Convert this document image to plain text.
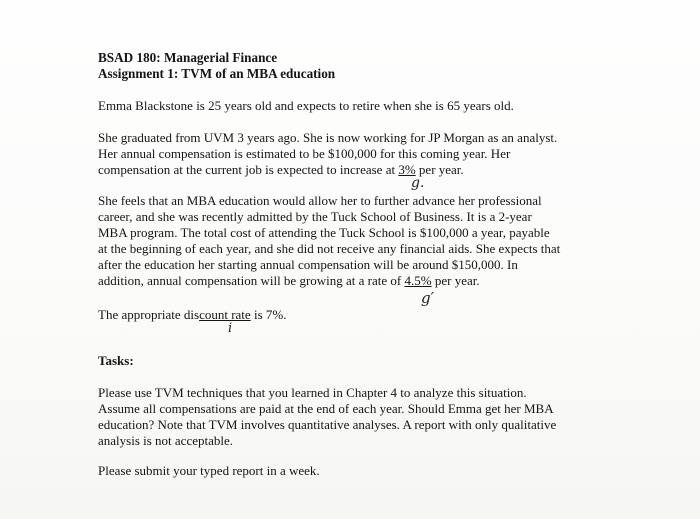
BSAD 180: Managerial Finance
Assignment 1: TVM of an MBA education
Emma Blackstone is 25 years old and expects to retire when she is 65 years old.
She graduated from UVM 3 years ago. She is now working for JP Morgan as an analyst.
Her annual compensation is estimated to be $100,000 for this coming year. Her
compensation at the current job is expected to increase at 3% per year.
She feels that an MBA education would allow her to further advance her professional
career, and she was recently admitted by the Tuck School of Business. It is a 2-year
MBA program. The total cost of attending the Tuck School is $100,000 a year, payable
at the beginning of each year, and she did not receive any financial aids. She expects that
after the education her starting annual compensation will be around $150,000. In
addition, annual compensation will be growing at a rate of 4.5% per year.
The appropriate discount rate is 7%.
Tasks:
Please use TVM techniques that you learned in Chapter 4 to analyze this situation.
Assume all compensations are paid at the end of each year. Should Emma get her MBA
education? Note that TVM involves quantitative analyses. A report with only qualitative
analysis is not acceptable.
Please submit your typed report in a week.
g.
g′
i
